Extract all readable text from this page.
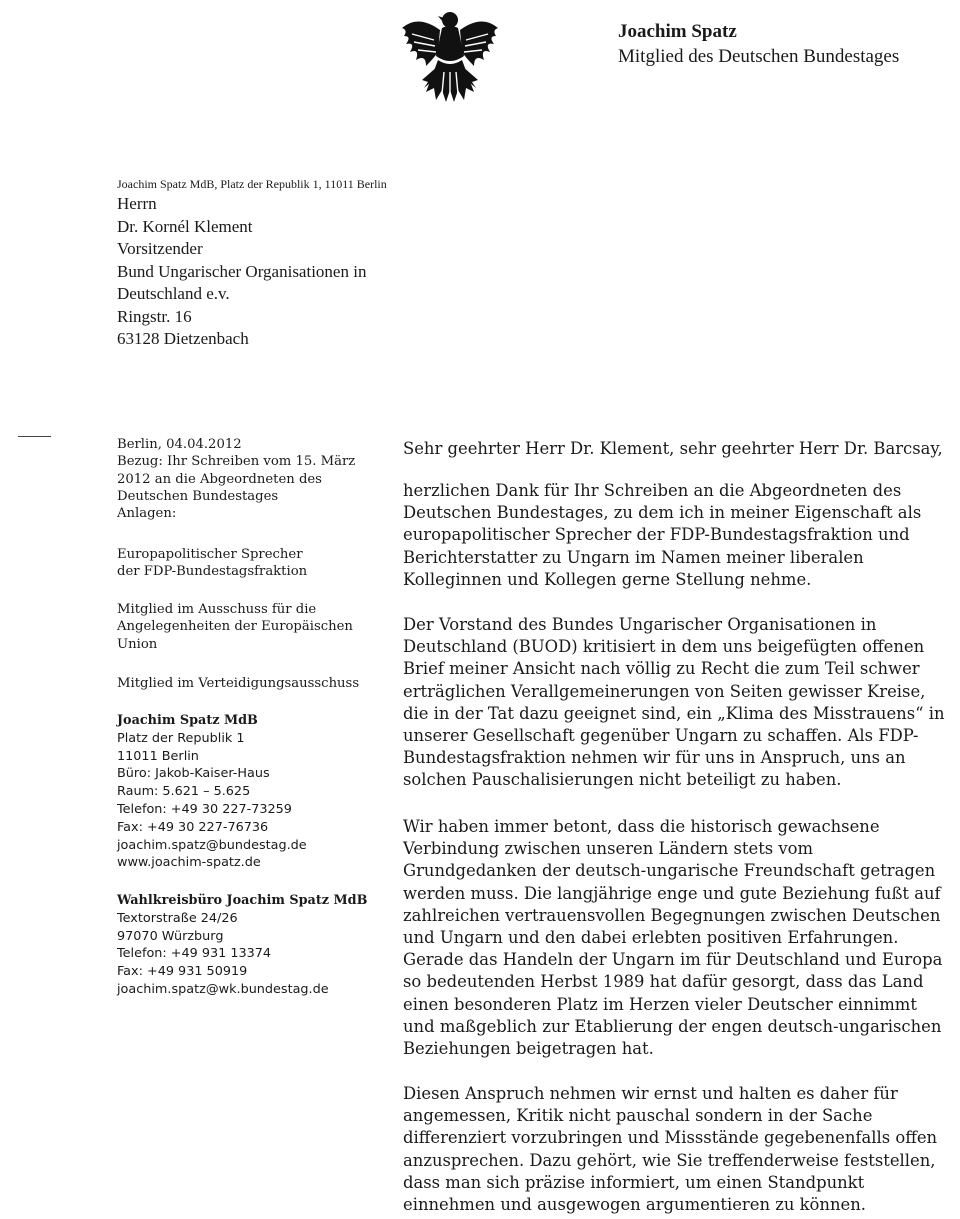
Joachim Spatz
Mitglied des Deutschen Bundestages
Joachim Spatz MdB, Platz der Republik 1, 11011 Berlin
Herrn
Dr. Kornél Klement
Vorsitzender
Bund Ungarischer Organisationen in
Deutschland e.v.
Ringstr. 16
63128 Dietzenbach
Berlin, 04.04.2012
Bezug: Ihr Schreiben vom 15. März
2012 an die Abgeordneten des
Deutschen Bundestages
Anlagen:
Europapolitischer Sprecher
der FDP-Bundestagsfraktion
Mitglied im Ausschuss für die
Angelegenheiten der Europäischen
Union
Mitglied im Verteidigungsausschuss
Joachim Spatz MdB
Platz der Republik 1
11011 Berlin
Büro: Jakob-Kaiser-Haus
Raum: 5.621 – 5.625
Telefon: +49 30 227-73259
Fax: +49 30 227-76736
joachim.spatz@bundestag.de
www.joachim-spatz.de
Wahlkreisbüro Joachim Spatz MdB
Textorstraße 24/26
97070 Würzburg
Telefon: +49 931 13374
Fax: +49 931 50919
joachim.spatz@wk.bundestag.de
Sehr geehrter Herr Dr. Klement, sehr geehrter Herr Dr. Barcsay,
herzlichen Dank für Ihr Schreiben an die Abgeordneten des
Deutschen Bundestages, zu dem ich in meiner Eigenschaft als
europapolitischer Sprecher der FDP-Bundestagsfraktion und
Berichterstatter zu Ungarn im Namen meiner liberalen
Kolleginnen und Kollegen gerne Stellung nehme.
Der Vorstand des Bundes Ungarischer Organisationen in
Deutschland (BUOD) kritisiert in dem uns beigefügten offenen
Brief meiner Ansicht nach völlig zu Recht die zum Teil schwer
erträglichen Verallgemeinerungen von Seiten gewisser Kreise,
die in der Tat dazu geeignet sind, ein „Klima des Misstrauens“ in
unserer Gesellschaft gegenüber Ungarn zu schaffen. Als FDP-
Bundestagsfraktion nehmen wir für uns in Anspruch, uns an
solchen Pauschalisierungen nicht beteiligt zu haben.
Wir haben immer betont, dass die historisch gewachsene
Verbindung zwischen unseren Ländern stets vom
Grundgedanken der deutsch-ungarische Freundschaft getragen
werden muss. Die langjährige enge und gute Beziehung fußt auf
zahlreichen vertrauensvollen Begegnungen zwischen Deutschen
und Ungarn und den dabei erlebten positiven Erfahrungen.
Gerade das Handeln der Ungarn im für Deutschland und Europa
so bedeutenden Herbst 1989 hat dafür gesorgt, dass das Land
einen besonderen Platz im Herzen vieler Deutscher einnimmt
und maßgeblich zur Etablierung der engen deutsch-ungarischen
Beziehungen beigetragen hat.
Diesen Anspruch nehmen wir ernst und halten es daher für
angemessen, Kritik nicht pauschal sondern in der Sache
differenziert vorzubringen und Missstände gegebenenfalls offen
anzusprechen. Dazu gehört, wie Sie treffenderweise feststellen,
dass man sich präzise informiert, um einen Standpunkt
einnehmen und ausgewogen argumentieren zu können.
